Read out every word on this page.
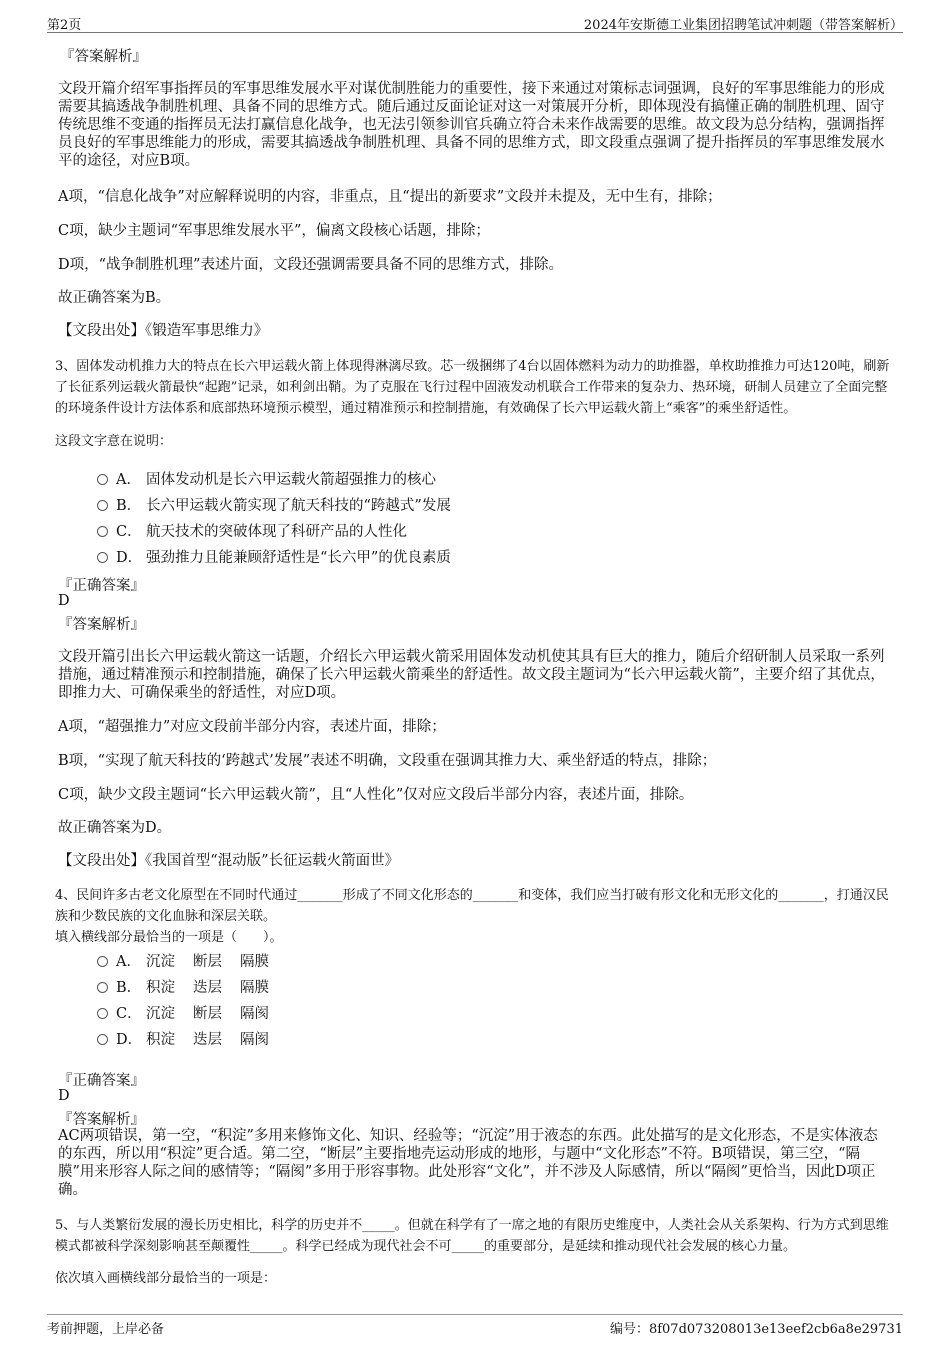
第2页	2024年安斯德工业集团招聘笔试冲刺题（带答案解析）
『答案解析』
文段开篇介绍军事指挥员的军事思维发展水平对谋优制胜能力的重要性，接下来通过对策标志词强调，良好的军事思维能力的形成需要其搞透战争制胜机理、具备不同的思维方式。随后通过反面论证对这一对策展开分析，即体现没有搞懂正确的制胜机理、固守传统思维不变通的指挥员无法打赢信息化战争，也无法引领参训官兵确立符合未来作战需要的思维。故文段为总分结构，强调指挥员良好的军事思维能力的形成，需要其搞透战争制胜机理、具备不同的思维方式，即文段重点强调了提升指挥员的军事思维发展水平的途径，对应B项。
A项，“信息化战争”对应解释说明的内容，非重点，且“提出的新要求”文段并未提及，无中生有，排除；
C项，缺少主题词“军事思维发展水平”，偏离文段核心话题，排除；
D项，“战争制胜机理”表述片面，文段还强调需要具备不同的思维方式，排除。
故正确答案为B。
【文段出处】《锻造军事思维力》
3、固体发动机推力大的特点在长六甲运载火箭上体现得淋漓尽致。芯一级捆绑了4台以固体燃料为动力的助推器，单枚助推推力可达120吨，刷新了长征系列运载火箭最快“起跑”记录，如利剑出鞘。为了克服在飞行过程中固液发动机联合工作带来的复杂力、热环境，研制人员建立了全面完整的环境条件设计方法体系和底部热环境预示模型，通过精准预示和控制措施，有效确保了长六甲运载火箭上“乘客”的乘坐舒适性。
这段文字意在说明：
A． 固体发动机是长六甲运载火箭超强推力的核心
B． 长六甲运载火箭实现了航天科技的“跨越式”发展
C． 航天技术的突破体现了科研产品的人性化
D． 强劲推力且能兼顾舒适性是“长六甲”的优良素质
『正确答案』
D
『答案解析』
文段开篇引出长六甲运载火箭这一话题，介绍长六甲运载火箭采用固体发动机使其具有巨大的推力，随后介绍研制人员采取一系列措施，通过精准预示和控制措施，确保了长六甲运载火箭乘坐的舒适性。故文段主题词为“长六甲运载火箭”，主要介绍了其优点，即推力大、可确保乘坐的舒适性，对应D项。
A项，“超强推力”对应文段前半部分内容，表述片面，排除；
B项，“实现了航天科技的‘跨越式’发展”表述不明确，文段重在强调其推力大、乘坐舒适的特点，排除；
C项，缺少文段主题词“长六甲运载火箭”，且“人性化”仅对应文段后半部分内容，表述片面，排除。
故正确答案为D。
【文段出处】《我国首型“混动版”长征运载火箭面世》
4、民间许多古老文化原型在不同时代通过_______形成了不同文化形态的_______和变体，我们应当打破有形文化和无形文化的_______，打通汉民族和少数民族的文化血脉和深层关联。
填入横线部分最恰当的一项是（　　）。
A． 沉淀 断层 隔膜
B． 积淀 迭层 隔膜
C． 沉淀 断层 隔阂
D． 积淀 迭层 隔阂
『正确答案』
D
『答案解析』
AC两项错误，第一空，“积淀”多用来修饰文化、知识、经验等；“沉淀”用于液态的东西。此处描写的是文化形态，不是实体液态的东西，所以用“积淀”更合适。第二空，“断层”主要指地壳运动形成的地形，与题中“文化形态”不符。B项错误，第三空，“隔膜”用来形容人际之间的感情等；“隔阂”多用于形容事物。此处形容“文化”，并不涉及人际感情，所以“隔阂”更恰当，因此D项正确。
5、与人类繁衍发展的漫长历史相比，科学的历史并不_____。但就在科学有了一席之地的有限历史维度中，人类社会从关系架构、行为方式到思维模式都被科学深刻影响甚至颠覆性_____。科学已经成为现代社会不可_____的重要部分，是延续和推动现代社会发展的核心力量。
依次填入画横线部分最恰当的一项是：
考前押题，上岸必备	编号：8f07d073208013e13eef2cb6a8e29731
